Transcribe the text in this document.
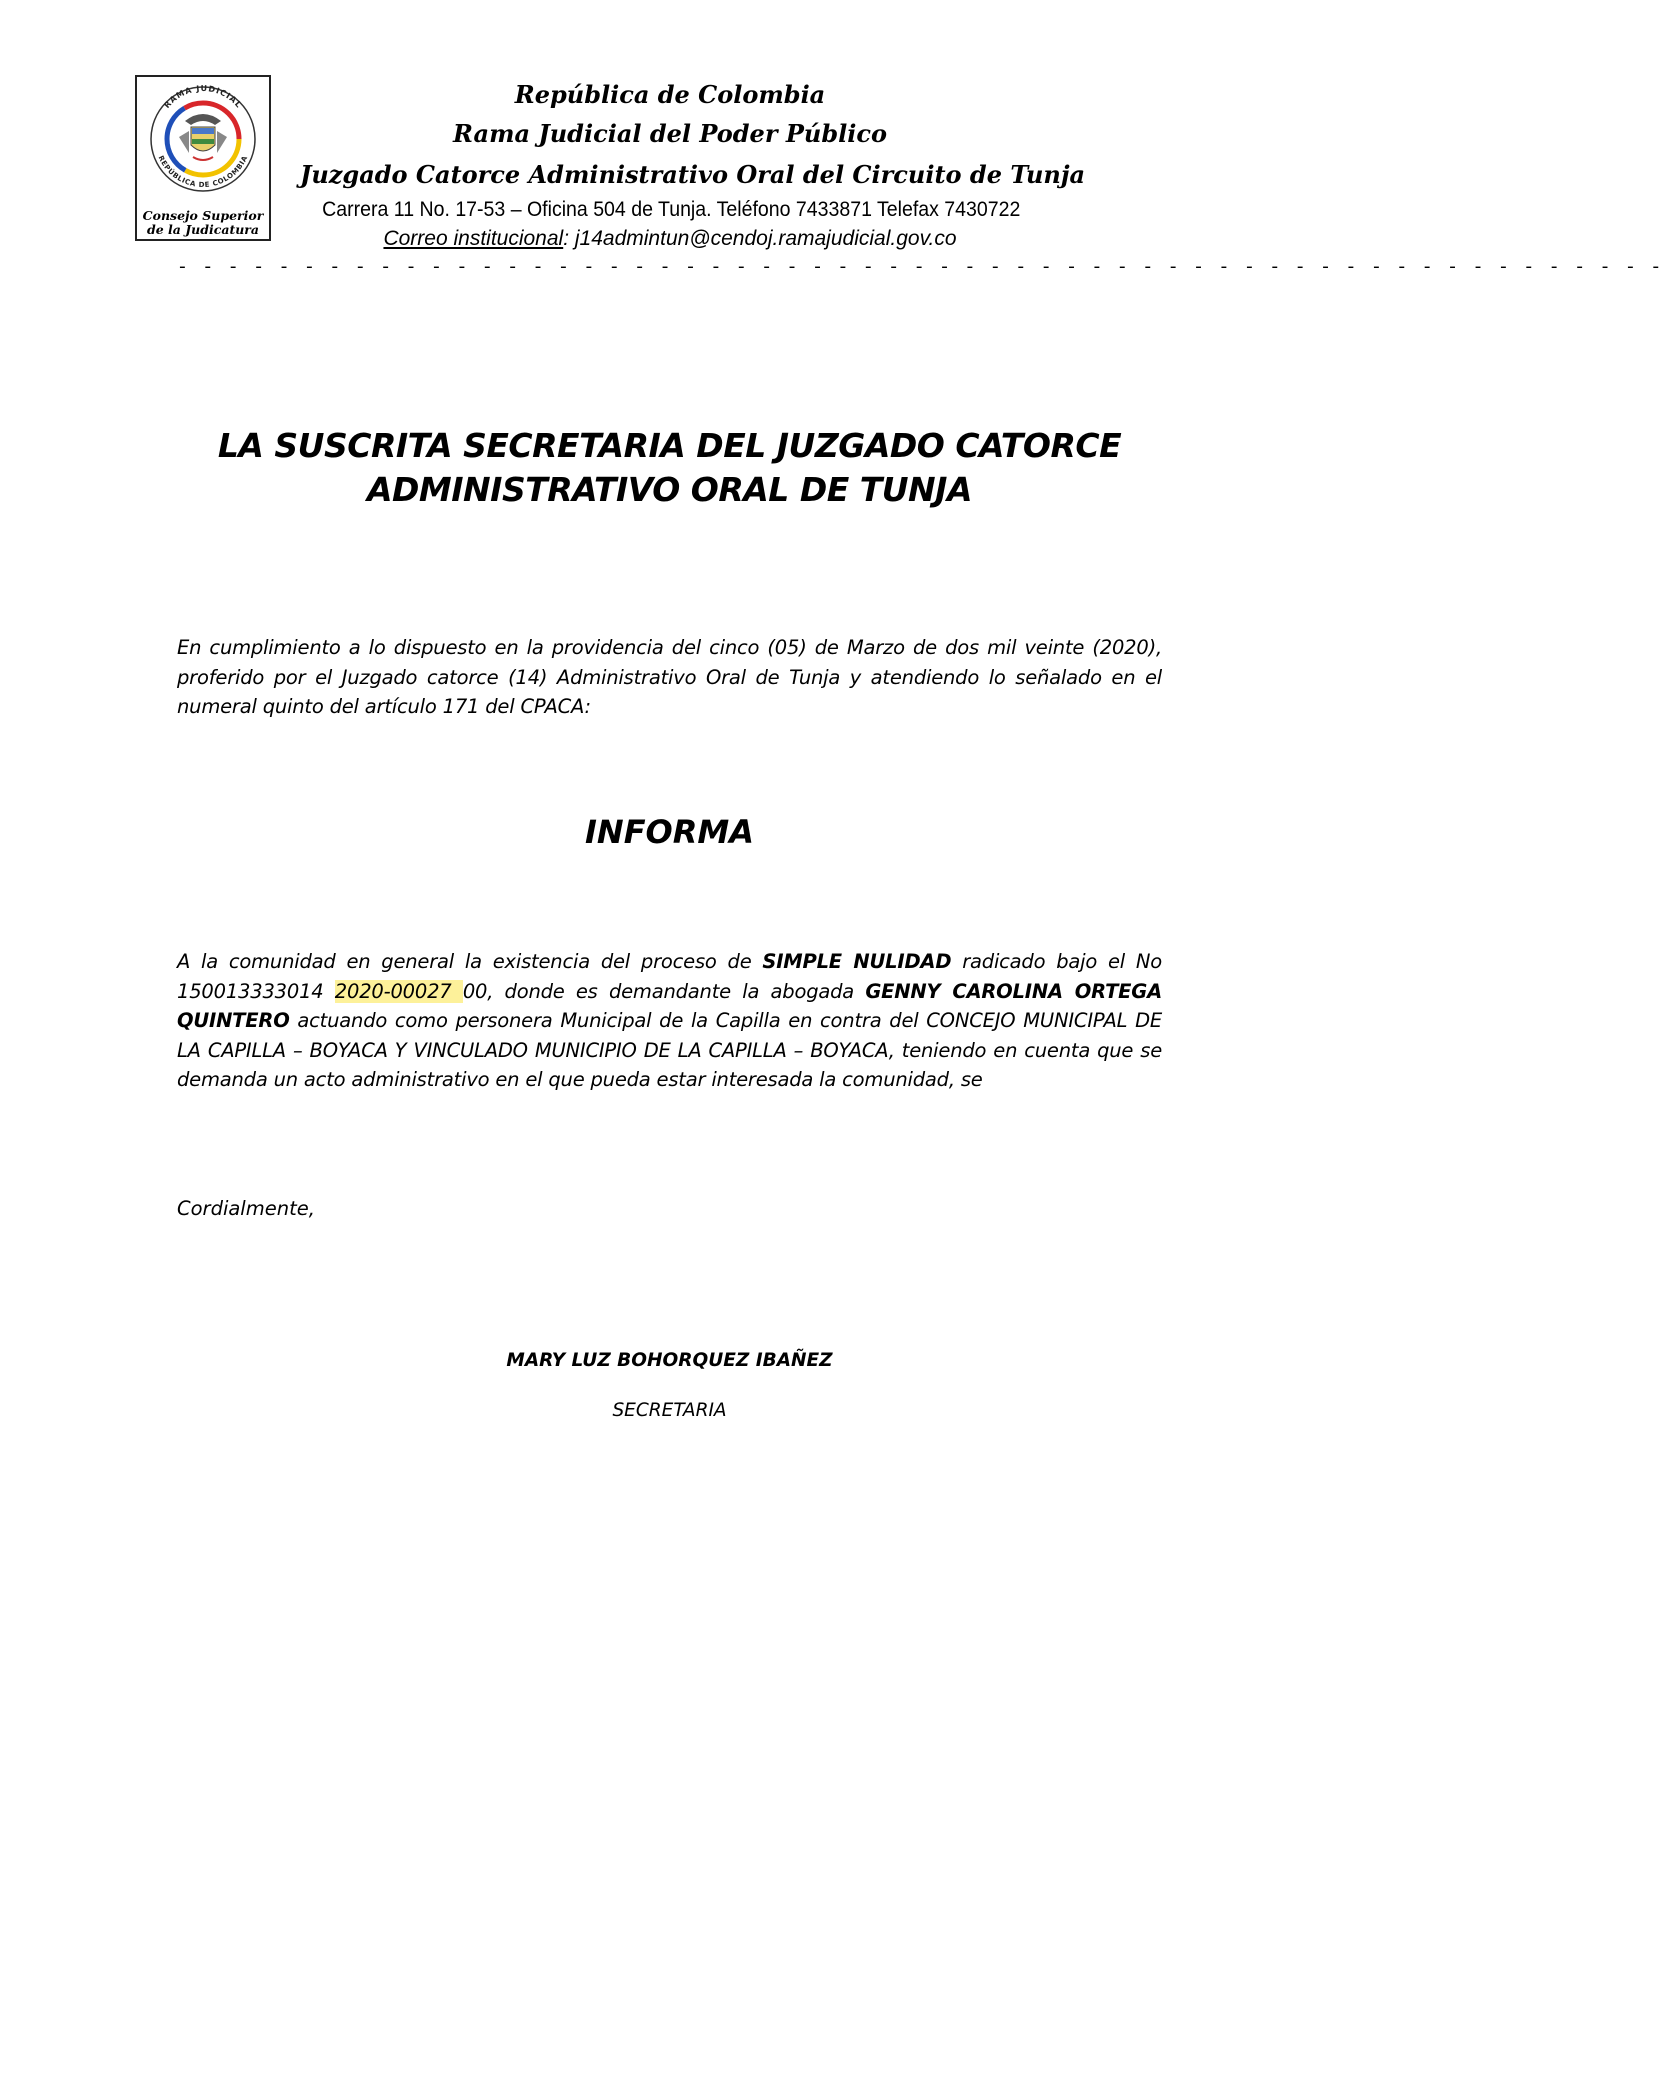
RAMA JUDICIAL
REPÚBLICA DE COLOMBIA
Consejo Superior
de la Judicatura
República de Colombia
Rama Judicial del Poder Público
Juzgado Catorce Administrativo Oral del Circuito de Tunja
Carrera 11 No. 17-53 – Oficina 504 de Tunja. Teléfono 7433871 Telefax 7430722
Correo institucional: j14admintun@cendoj.ramajudicial.gov.co
- - - - - - - - - - - - - - - - - - - - - - - - - - - - - - - - - - - - - - - - - - - - - - - - - - - - - - - - - - -
LA SUSCRITA SECRETARIA DEL JUZGADO CATORCE
ADMINISTRATIVO ORAL DE TUNJA
En cumplimiento a lo dispuesto en la providencia del cinco (05) de Marzo de dos mil veinte (2020), proferido por el Juzgado catorce (14) Administrativo Oral de Tunja y atendiendo lo señalado en el numeral quinto del artículo 171 del CPACA:
INFORMA
A la comunidad en general la existencia del proceso de SIMPLE NULIDAD radicado bajo el No 150013333014 2020-00027 00, donde es demandante la abogada GENNY CAROLINA ORTEGA QUINTERO actuando como personera Municipal de la Capilla en contra del CONCEJO MUNICIPAL DE LA CAPILLA – BOYACA Y VINCULADO MUNICIPIO DE LA CAPILLA – BOYACA, teniendo en cuenta que se demanda un acto administrativo en el que pueda estar interesada la comunidad, se
Cordialmente,
MARY LUZ BOHORQUEZ IBAÑEZ
SECRETARIA
